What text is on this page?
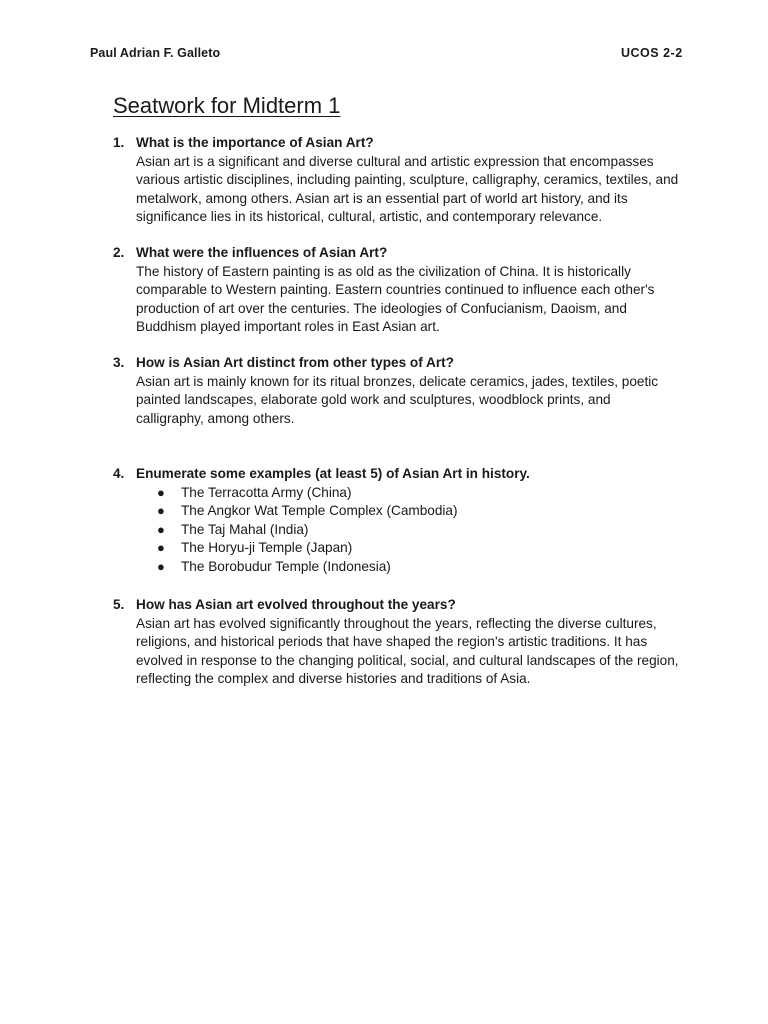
Paul Adrian F. Galleto	UCOS 2-2
Seatwork for Midterm 1
1. What is the importance of Asian Art?
Asian art is a significant and diverse cultural and artistic expression that encompasses
various artistic disciplines, including painting, sculpture, calligraphy, ceramics, textiles, and
metalwork, among others. Asian art is an essential part of world art history, and its
significance lies in its historical, cultural, artistic, and contemporary relevance.
2. What were the influences of Asian Art?
The history of Eastern painting is as old as the civilization of China. It is historically
comparable to Western painting. Eastern countries continued to influence each other's
production of art over the centuries. The ideologies of Confucianism, Daoism, and
Buddhism played important roles in East Asian art.
3. How is Asian Art distinct from other types of Art?
Asian art is mainly known for its ritual bronzes, delicate ceramics, jades, textiles, poetic
painted landscapes, elaborate gold work and sculptures, woodblock prints, and
calligraphy, among others.
4. Enumerate some examples (at least 5) of Asian Art in history.
● The Terracotta Army (China)
● The Angkor Wat Temple Complex (Cambodia)
● The Taj Mahal (India)
● The Horyu-ji Temple (Japan)
● The Borobudur Temple (Indonesia)
5. How has Asian art evolved throughout the years?
Asian art has evolved significantly throughout the years, reflecting the diverse cultures,
religions, and historical periods that have shaped the region's artistic traditions. It has
evolved in response to the changing political, social, and cultural landscapes of the region,
reflecting the complex and diverse histories and traditions of Asia.
